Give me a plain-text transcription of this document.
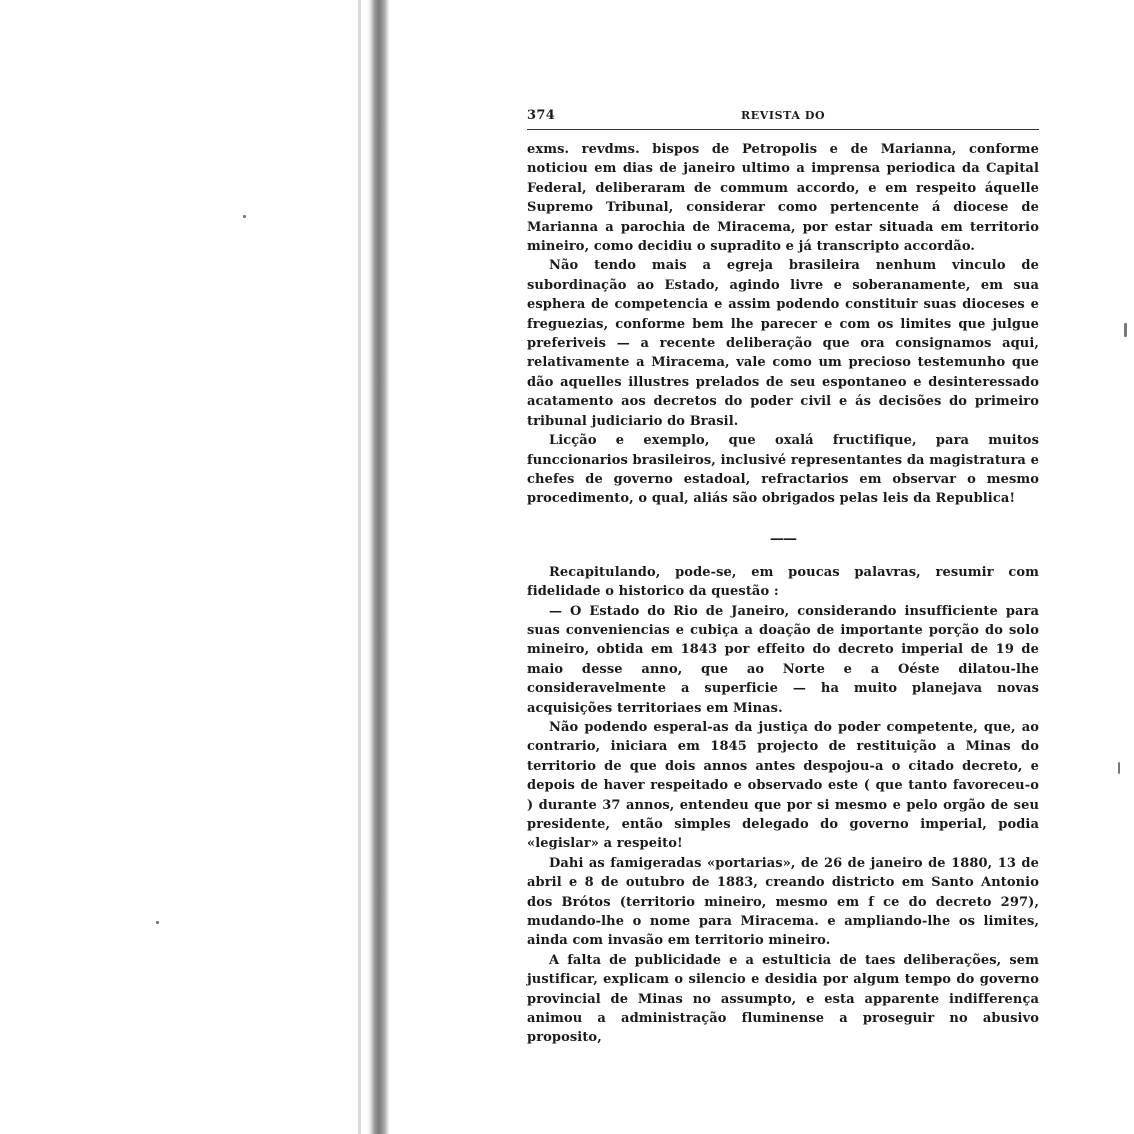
374	REVISTA DO

exms. revdms. bispos de Petropolis e de Marianna, conforme noticiou em dias de janeiro ultimo a imprensa periodica da Capital Federal, deliberaram de commum accordo, e em respeito áquelle Supremo Tribunal, considerar como pertencente á diocese de Marianna a parochia de Miracema, por estar situada em territorio mineiro, como decidiu o supradito e já transcripto accordão.

Não tendo mais a egreja brasileira nenhum vinculo de subordinação ao Estado, agindo livre e soberanamente, em sua esphera de competencia e assim podendo constituir suas dioceses e freguezias, conforme bem lhe parecer e com os limites que julgue preferiveis — a recente deliberação que ora consignamos aqui, relativamente a Miracema, vale como um precioso testemunho que dão aquelles illustres prelados de seu espontaneo e desinteressado acatamento aos decretos do poder civil e ás decisões do primeiro tribunal judiciario do Brasil.

Licção e exemplo, que oxalá fructifique, para muitos funccionarios brasileiros, inclusivé representantes da magistratura e chefes de governo estadoal, refractarios em observar o mesmo procedimento, o qual, aliás são obrigados pelas leis da Republica!

——

Recapitulando, pode-se, em poucas palavras, resumir com fidelidade o historico da questão :

— O Estado do Rio de Janeiro, considerando insufficiente para suas conveniencias e cubiça a doação de importante porção do solo mineiro, obtida em 1843 por effeito do decreto imperial de 19 de maio desse anno, que ao Norte e a Oéste dilatou-lhe consideravelmente a superficie — ha muito planejava novas acquisições territoriaes em Minas.

Não podendo esperal-as da justiça do poder competente, que, ao contrario, iniciara em 1845 projecto de restituição a Minas do territorio de que dois annos antes despojou-a o citado decreto, e depois de haver respeitado e observado este ( que tanto favoreceu-o ) durante 37 annos, entendeu que por si mesmo e pelo orgão de seu presidente, então simples delegado do governo imperial, podia «legislar» a respeito!

Dahi as famigeradas «portarias», de 26 de janeiro de 1880, 13 de abril e 8 de outubro de 1883, creando districto em Santo Antonio dos Brótos (territorio mineiro, mesmo em f ce do decreto 297), mudando-lhe o nome para Miracema. e ampliando-lhe os limites, ainda com invasão em territorio mineiro.

A falta de publicidade e a estulticia de taes deliberações, sem justificar, explicam o silencio e desidia por algum tempo do governo provincial de Minas no assumpto, e esta apparente indifferença animou a administração fluminense a proseguir no abusivo proposito,
